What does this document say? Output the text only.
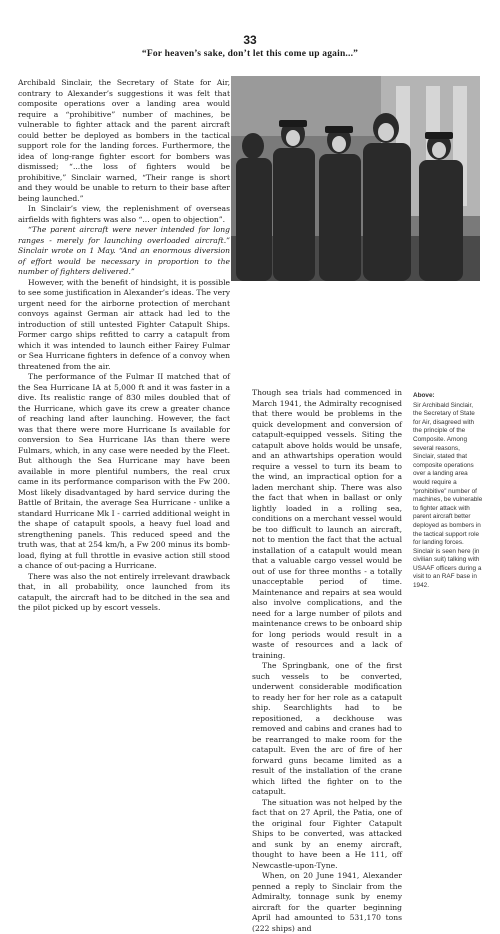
33
“For heaven’s sake, don’t let this come up again...”

Archibald Sinclair, the Secretary of State for Air, contrary to Alexander’s suggestions it was felt that composite operations over a landing area would require a “prohibitive” number of machines, be vulnerable to fighter attack and the parent aircraft could better be deployed as bombers in the tactical support role for the landing forces. Furthermore, the idea of long-range fighter escort for bombers was dismissed; “...the loss of fighters would be prohibitive,” Sinclair warned, “Their range is short and they would be unable to return to their base after being launched.”

In Sinclair’s view, the replenishment of overseas airfields with fighters was also “... open to objection”.

“The parent aircraft were never intended for long ranges - merely for launching overloaded aircraft.” Sinclair wrote on 1 May. “And an enormous diversion of effort would be necessary in proportion to the number of fighters delivered.”

However, with the benefit of hindsight, it is possible to see some justification in Alexander’s ideas. The very urgent need for the airborne protection of merchant convoys against German air attack had led to the introduction of still untested Fighter Catapult Ships. Former cargo ships refitted to carry a catapult from which it was intended to launch either Fairey Fulmar or Sea Hurricane fighters in defence of a convoy when threatened from the air.

The performance of the Fulmar II matched that of the Sea Hurricane IA at 5,000 ft and it was faster in a dive. Its realistic range of 830 miles doubled that of the Hurricane, which gave its crew a greater chance of reaching land after launching. However, the fact was that there were more Hurricane Is available for conversion to Sea Hurricane IAs than there were Fulmars, which, in any case were needed by the Fleet. But although the Sea Hurricane may have been available in more plentiful numbers, the real crux came in its performance comparison with the Fw 200. Most likely disadvantaged by hard service during the Battle of Britain, the average Sea Hurricane - unlike a standard Hurricane Mk I - carried additional weight in the shape of catapult spools, a heavy fuel load and strengthening panels. This reduced speed and the truth was, that at 254 km/h, a Fw 200 minus its bomb-load, flying at full throttle in evasive action still stood a chance of out-pacing a Hurricane.

There was also the not entirely irrelevant drawback that, in all probability, once launched from its catapult, the aircraft had to be ditched in the sea and the pilot picked up by escort vessels.

Though sea trials had commenced in March 1941, the Admiralty recognised that there would be problems in the quick development and conversion of catapult-equipped vessels. Siting the catapult above holds would be unsafe, and an athwartships operation would require a vessel to turn its beam to the wind, an impractical option for a laden merchant ship. There was also the fact that when in ballast or only lightly loaded in a rolling sea, conditions on a merchant vessel would be too difficult to launch an aircraft, not to mention the fact that the actual installation of a catapult would mean that a valuable cargo vessel would be out of use for three months - a totally unacceptable period of time. Maintenance and repairs at sea would also involve complications, and the need for a large number of pilots and maintenance crews to be onboard ship for long periods would result in a waste of resources and a lack of training.

The Springbank, one of the first such vessels to be converted, underwent considerable modification to ready her for her role as a catapult ship. Searchlights had to be repositioned, a deckhouse was removed and cabins and cranes had to be rearranged to make room for the catapult. Even the arc of fire of her forward guns became limited as a result of the installation of the crane which lifted the fighter on to the catapult.

The situation was not helped by the fact that on 27 April, the Patia, one of the original four Fighter Catapult Ships to be converted, was attacked and sunk by an enemy aircraft, thought to have been a He 111, off Newcastle-upon-Tyne.

When, on 20 June 1941, Alexander penned a reply to Sinclair from the Admiralty, tonnage sunk by enemy aircraft for the quarter beginning April had amounted to 531,170 tons (222 ships) and

Above:
Sir Archibald Sinclair, the Secretary of State for Air, disagreed with the principle of the Composite. Among several reasons, Sinclair, stated that composite operations over a landing area would require a “prohibitive” number of machines, be vulnerable to fighter attack with parent aircraft better deployed as bombers in the tactical support role for landing forces. Sinclair is seen here (in civilian suit) talking with USAAF officers during a visit to an RAF base in 1942.
